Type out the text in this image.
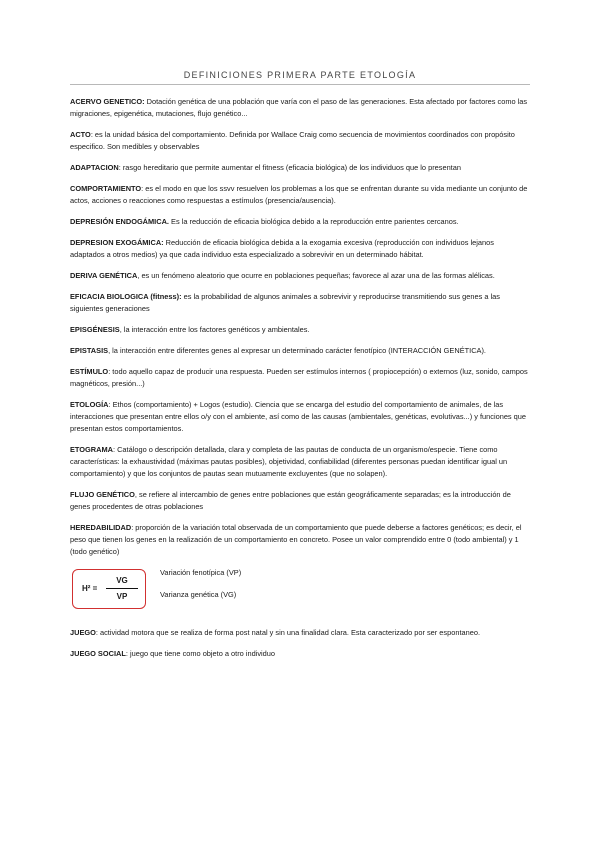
DEFINICIONES PRIMERA PARTE ETOLOGÍA

ACERVO GENETICO: Dotación genética de una población que varía con el paso de las generaciones. Esta afectado por factores como las migraciones, epigenética, mutaciones, flujo genético...

ACTO: es la unidad básica del comportamiento. Definida por Wallace Craig como secuencia de movimientos coordinados con propósito especifico. Son medibles y observables

ADAPTACION: rasgo hereditario que permite aumentar el fitness (eficacia biológica) de los individuos que lo presentan

COMPORTAMIENTO: es el modo en que los ssvv resuelven los problemas a los que se enfrentan durante su vida mediante un conjunto de actos, acciones o reacciones como respuestas a estímulos (presencia/ausencia).

DEPRESIÓN ENDOGÁMICA. Es la reducción de eficacia biológica debido a la reproducción entre parientes cercanos.

DEPRESION EXOGÁMICA: Reducción de eficacia biológica debida a la exogamia excesiva (reproducción con individuos lejanos adaptados a otros medios) ya que cada individuo esta especializado a sobrevivir en un determinado hábitat.

DERIVA GENÉTICA, es un fenómeno aleatorio que ocurre en poblaciones pequeñas; favorece al azar una de las formas alélicas.

EFICACIA BIOLOGICA (fitness): es la probabilidad de algunos animales a sobrevivir y reproducirse transmitiendo sus genes a las siguientes generaciones

EPISGÉNESIS, la interacción entre los factores genéticos y ambientales.

EPISTASIS, la interacción entre diferentes genes al expresar un determinado carácter fenotípico (INTERACCIÓN GENÉTICA).

ESTÍMULO: todo aquello capaz de producir una respuesta. Pueden ser estímulos internos ( propiocepción) o externos (luz, sonido, campos magnéticos, presión...)

ETOLOGÍA: Ethos (comportamiento) + Logos (estudio). Ciencia que se encarga del estudio del comportamiento de animales, de las interacciones que presentan entre ellos o/y con el ambiente, así como de las causas (ambientales, genéticas, evolutivas...) y funciones que presentan estos comportamientos.

ETOGRAMA: Catálogo o descripción detallada, clara y completa de las pautas de conducta de un organismo/especie. Tiene como características: la exhaustividad (máximas pautas posibles), objetividad, confiabilidad (diferentes personas puedan identificar igual un comportamiento) y que los conjuntos de pautas sean mutuamente excluyentes (que no solapen).

FLUJO GENÉTICO, se refiere al intercambio de genes entre poblaciones que están geográficamente separadas; es la introducción de genes procedentes de otras poblaciones

HEREDABILIDAD: proporción de la variación total observada de un comportamiento que puede deberse a factores genéticos; es decir, el peso que tienen los genes en la realización de un comportamiento en concreto. Posee un valor comprendido entre 0 (todo ambiental) y 1 (todo genético)

H² =
VG
VP
Variación fenotípica (VP)
Varianza genética (VG)

JUEGO: actividad motora que se realiza de forma post natal y sin una finalidad clara. Esta caracterizado por ser espontaneo.

JUEGO SOCIAL: juego que tiene como objeto a otro individuo
